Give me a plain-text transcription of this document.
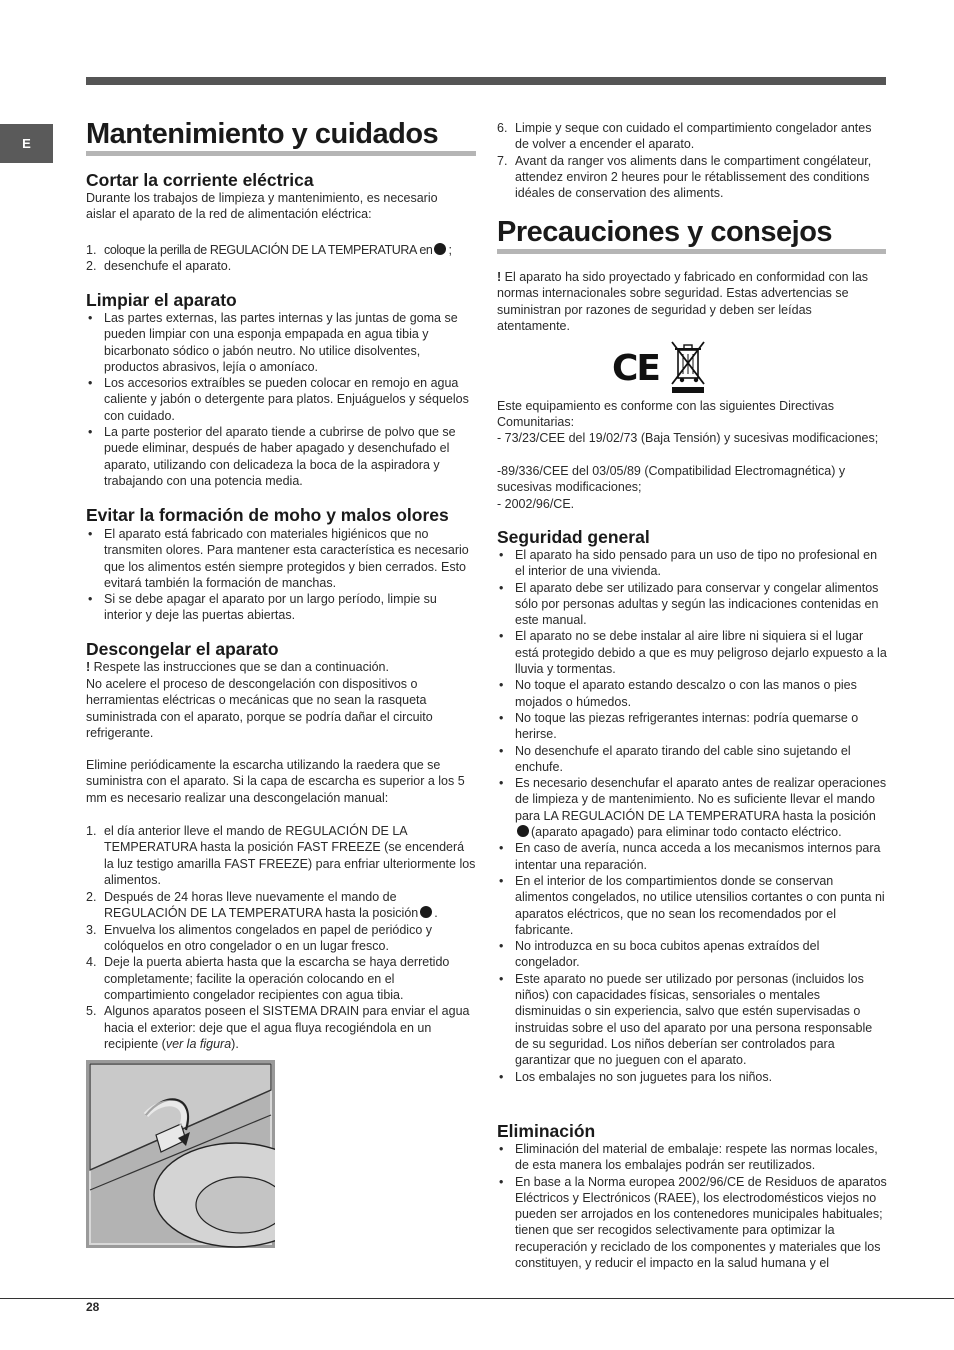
E	Mantenimiento y cuidados
Cortar la corriente eléctrica

Durante los trabajos de limpieza y mantenimiento, es necesario aislar el aparato de la red de alimentación eléctrica:

1. coloque la perilla de REGULACIÓN DE LA TEMPERATURA en ;
2. desenchufe el aparato.
Limpiar el aparato
• Las partes externas, las partes internas y las juntas de goma se pueden limpiar con una esponja empapada en agua tibia y bicarbonato sódico o jabón neutro. No utilice disolventes, productos abrasivos, lejía o amoníaco.
• Los accesorios extraíbles se pueden colocar en remojo en agua caliente y jabón o detergente para platos. Enjuáguelos y séquelos con cuidado.
• La parte posterior del aparato tiende a cubrirse de polvo que se puede eliminar, después de haber apagado y desenchufado el aparato, utilizando con delicadeza la boca de la aspiradora y trabajando con una potencia media.
Evitar la formación de moho y malos olores
• El aparato está fabricado con materiales higiénicos que no transmiten olores. Para mantener esta característica es necesario que los alimentos estén siempre protegidos y bien cerrados. Esto evitará también la formación de manchas.
• Si se debe apagar el aparato por un largo período, limpie su interior y deje las puertas abiertas.
Descongelar el aparato

! Respete las instrucciones que se dan a continuación.

No acelere el proceso de descongelación con dispositivos o herramientas eléctricas o mecánicas que no sean la rasqueta suministrada con el aparato, porque se podría dañar el circuito refrigerante.

Elimine periódicamente la escarcha utilizando la raedera que se suministra con el aparato. Si la capa de escarcha es superior a los 5 mm es necesario realizar una descongelación manual:

1. el día anterior lleve el mando de REGULACIÓN DE LA TEMPERATURA hasta la posición FAST FREEZE (se encenderá la luz testigo amarilla FAST FREEZE) para enfriar ulteriormente los alimentos.
2. Después de 24 horas lleve nuevamente el mando de REGULACIÓN DE LA TEMPERATURA hasta la posición .
3. Envuelva los alimentos congelados en papel de periódico y colóquelos en otro congelador o en un lugar fresco.
4. Deje la puerta abierta hasta que la escarcha se haya derretido completamente; facilite la operación colocando en el compartimiento congelador recipientes con agua tibia.
5. Algunos aparatos poseen el SISTEMA DRAIN para enviar el agua hacia el exterior: deje que el agua fluya recogiéndola en un recipiente (ver la figura).
6. Limpie y seque con cuidado el compartimiento congelador antes de volver a encender el aparato.
7. Avant da ranger vos aliments dans le compartiment congélateur, attendez environ 2 heures pour le rétablissement des conditions idéales de conservation des aliments.
Precauciones y consejos

! El aparato ha sido proyectado y fabricado en conformidad con las normas internacionales sobre seguridad. Estas advertencias se suministran por razones de seguridad y deben ser leídas atentamente.

Este equipamiento es conforme con las siguientes Directivas Comunitarias:

- 73/23/CEE del 19/02/73 (Baja Tensión) y sucesivas modificaciones;

-89/336/CEE del 03/05/89 (Compatibilidad Electromagnética) y sucesivas modificaciones;

- 2002/96/CE.

Seguridad general
• El aparato ha sido pensado para un uso de tipo no profesional en el interior de una vivienda.
• El aparato debe ser utilizado para conservar y congelar alimentos sólo por personas adultas y según las indicaciones contenidas en este manual.
• El aparato no se debe instalar al aire libre ni siquiera si el lugar está protegido debido a que es muy peligroso dejarlo expuesto a la lluvia y tormentas.
• No toque el aparato estando descalzo o con las manos o pies mojados o húmedos.
• No toque las piezas refrigerantes internas: podría quemarse o herirse.
• No desenchufe el aparato tirando del cable sino sujetando el enchufe.
• Es necesario desenchufar el aparato antes de realizar operaciones de limpieza y de mantenimiento. No es suficiente llevar el mando para LA REGULACIÓN DE LA TEMPERATURA hasta la posición (aparato apagado) para eliminar todo contacto eléctrico.
• En caso de avería, nunca acceda a los mecanismos internos para intentar una reparación.
• En el interior de los compartimientos donde se conservan alimentos congelados, no utilice utensilios cortantes o con punta ni aparatos eléctricos, que no sean los recomendados por el fabricante.
• No introduzca en su boca cubitos apenas extraídos del congelador.
• Este aparato no puede ser utilizado por personas (incluidos los niños) con capacidades físicas, sensoriales o mentales disminuidas o sin experiencia, salvo que estén supervisadas o instruidas sobre el uso del aparato por una persona responsable de su seguridad. Los niños deberían ser controlados para garantizar que no jueguen con el aparato.
• Los embalajes no son juguetes para los niños.
Eliminación
• Eliminación del material de embalaje: respete las normas locales, de esta manera los embalajes podrán ser reutilizados.
• En base a la Norma europea 2002/96/CE de Residuos de aparatos Eléctricos y Electrónicos (RAEE), los electrodomésticos viejos no pueden ser arrojados en los contenedores municipales habituales; tienen que ser recogidos selectivamente para optimizar la recuperación y reciclado de los componentes y materiales que los constituyen, y reducir el impacto en la salud humana y el
CE
28
